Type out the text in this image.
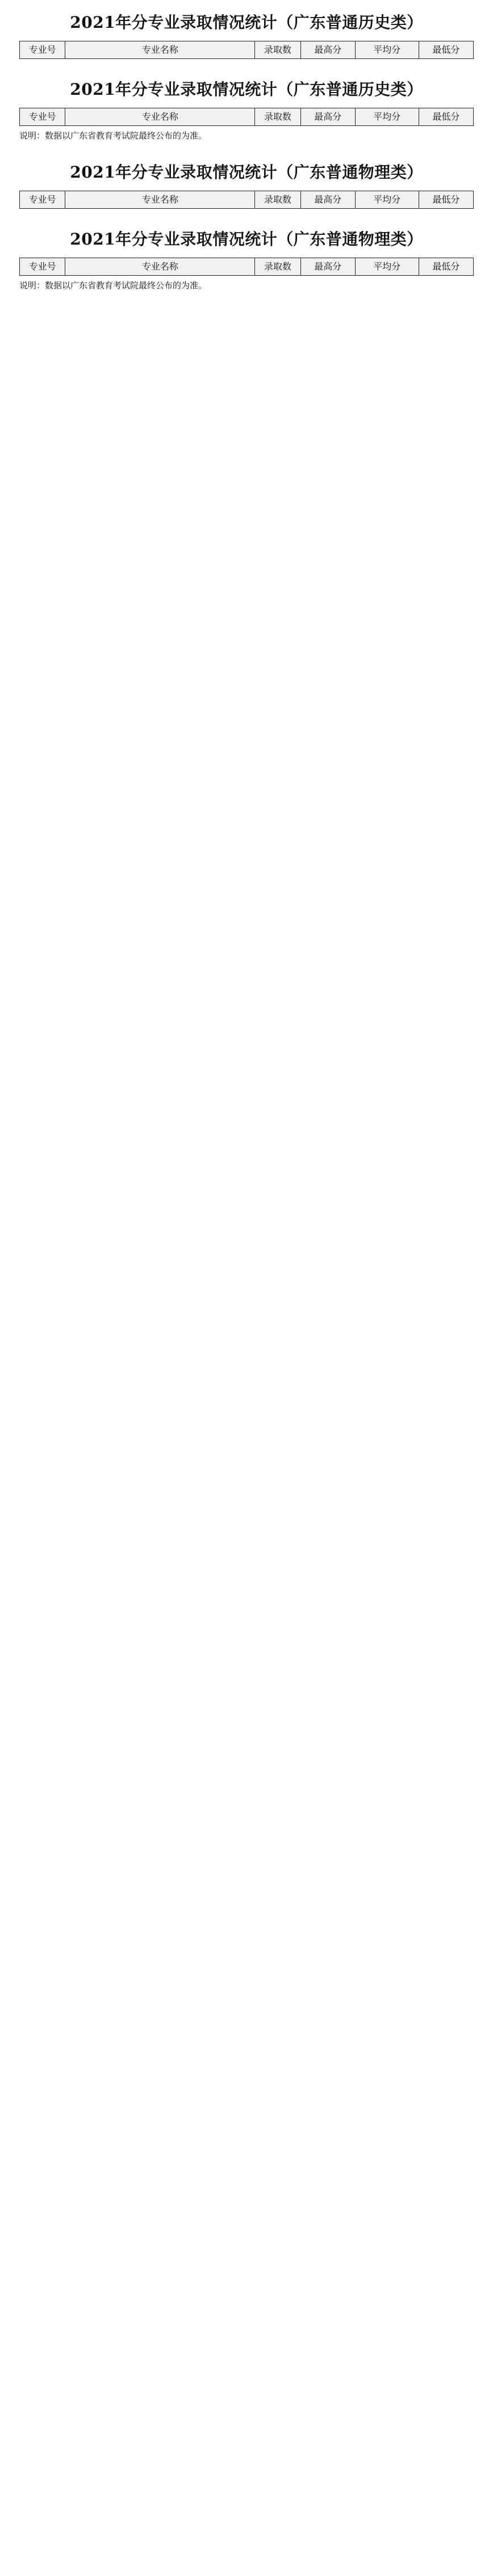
2021年分专业录取情况统计（广东普通历史类）
专业号	专业名称	录取数	最高分	平均分	最低分
2021年分专业录取情况统计（广东普通历史类）
专业号	专业名称	录取数	最高分	平均分	最低分
说明：数据以广东省教育考试院最终公布的为准。
2021年分专业录取情况统计（广东普通物理类）
专业号	专业名称	录取数	最高分	平均分	最低分
2021年分专业录取情况统计（广东普通物理类）
专业号	专业名称	录取数	最高分	平均分	最低分
说明：数据以广东省教育考试院最终公布的为准。
